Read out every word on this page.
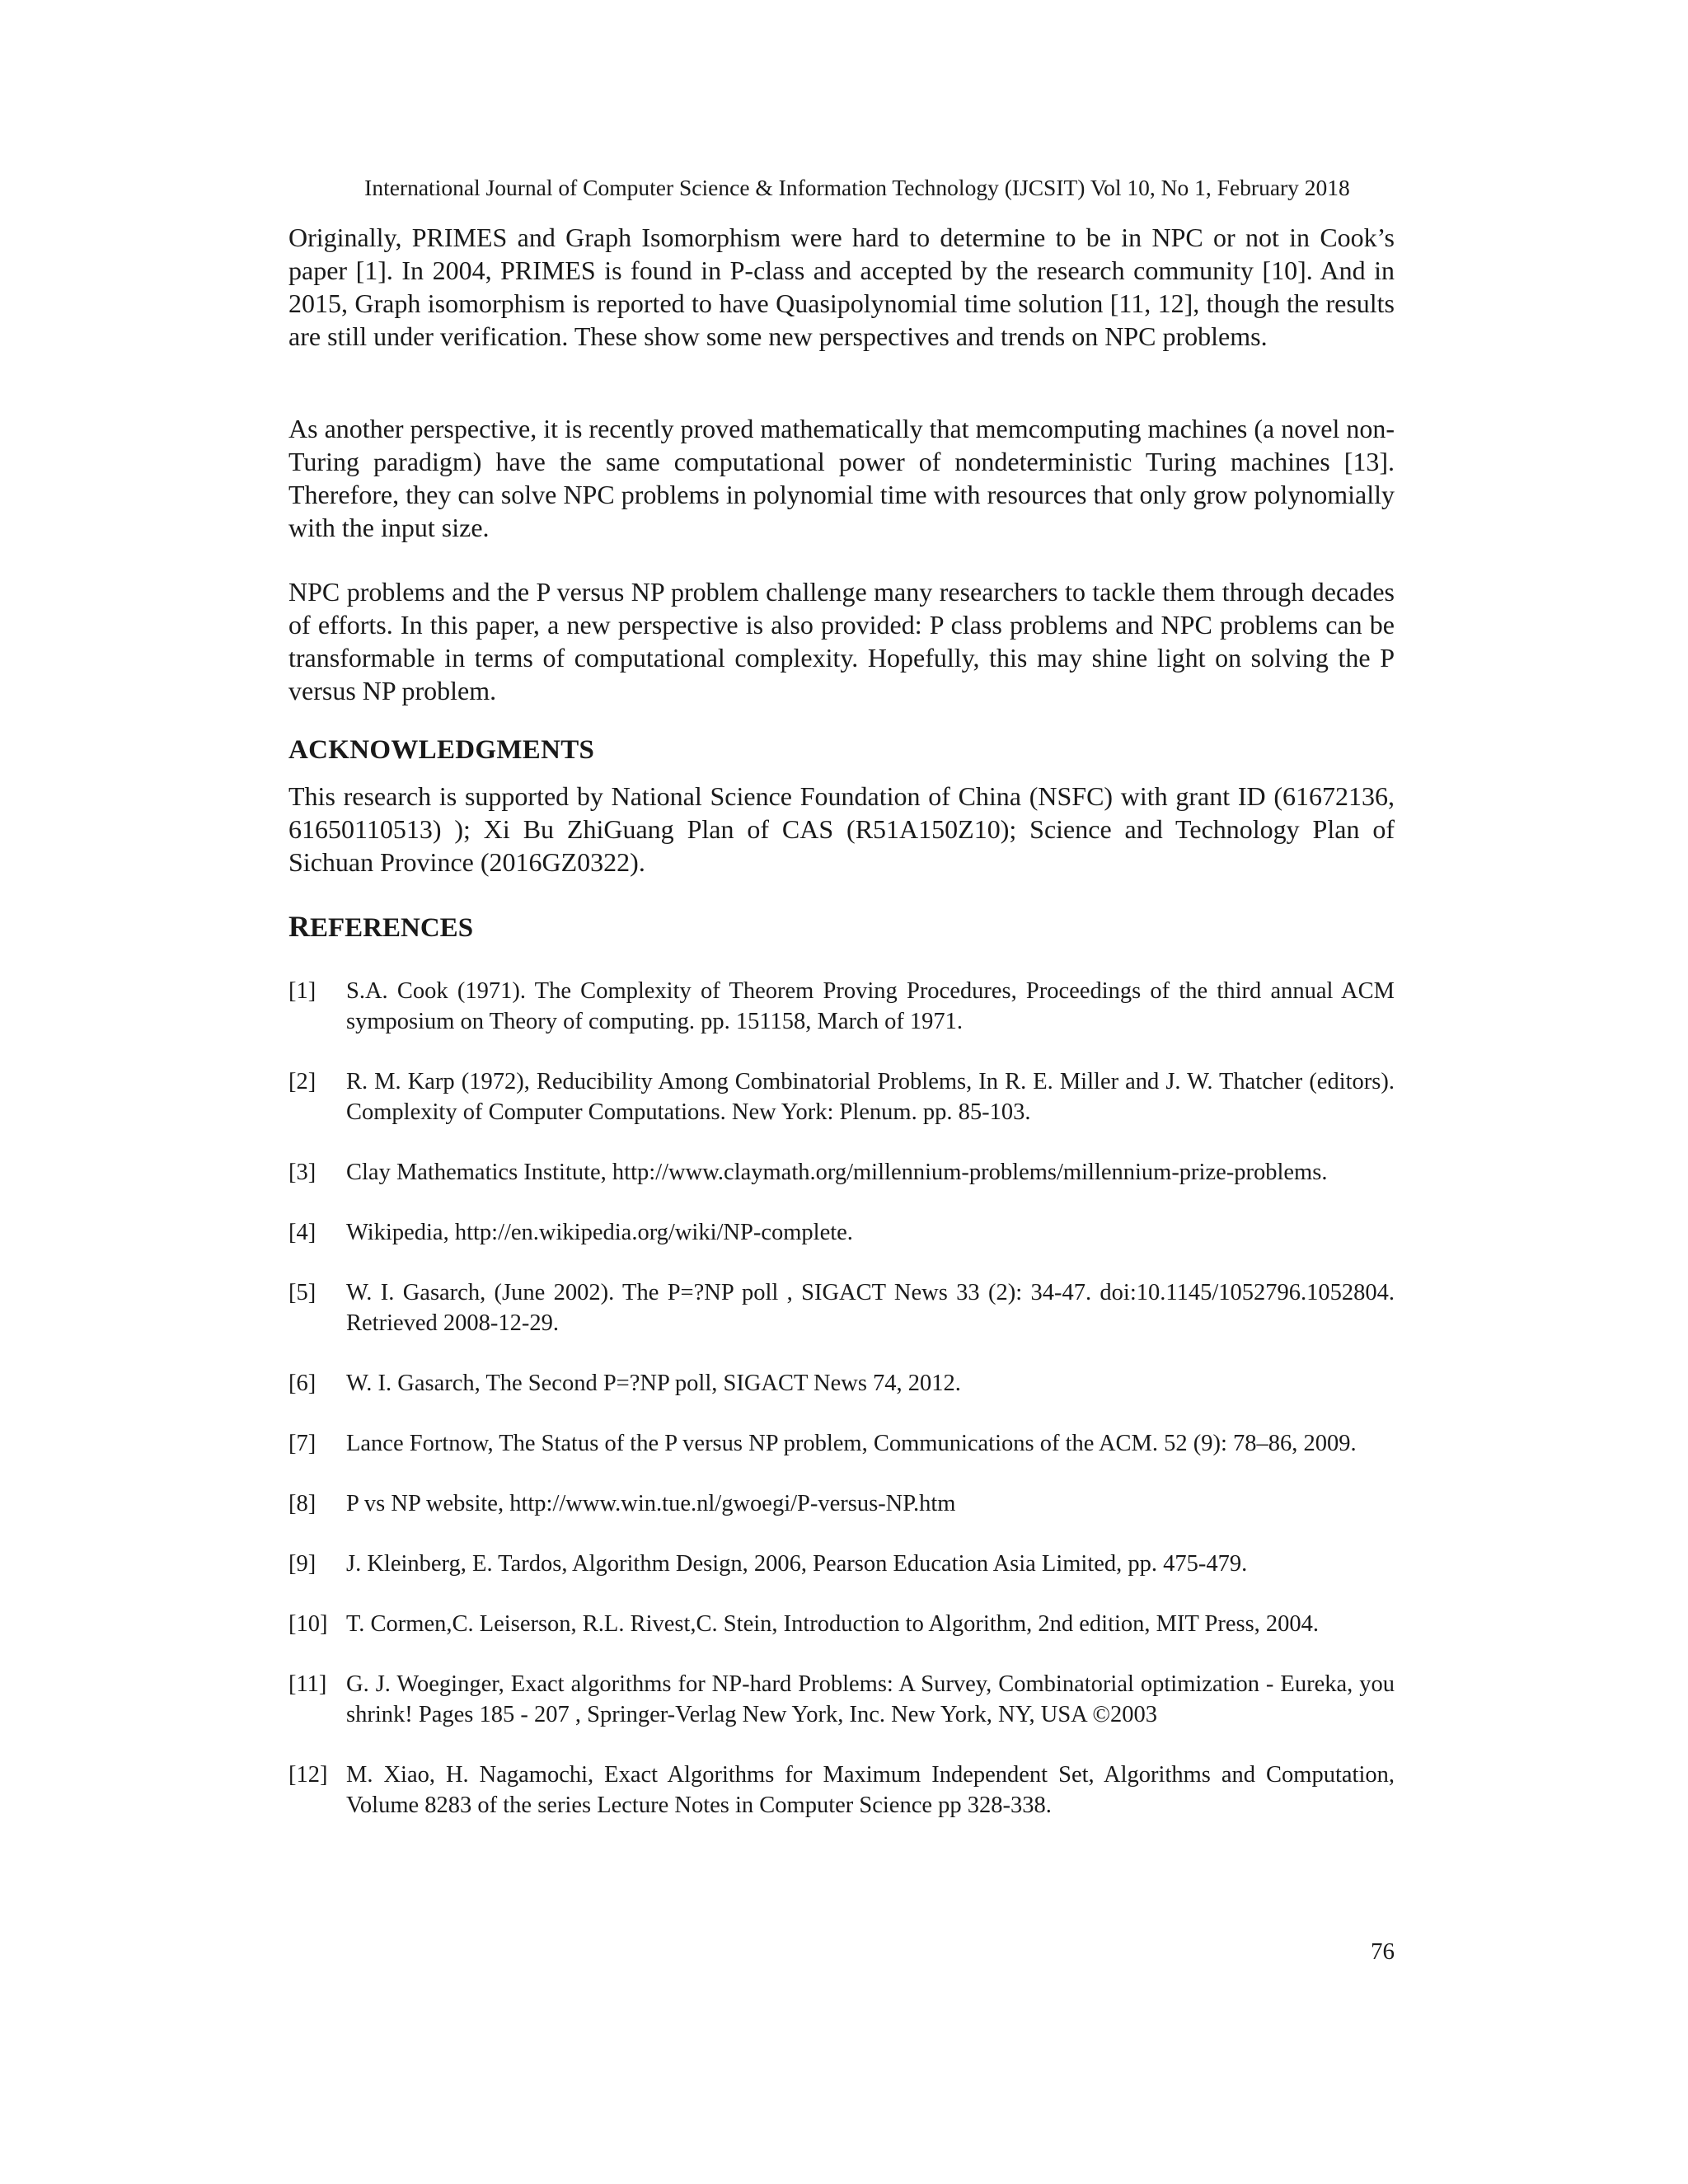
International Journal of Computer Science & Information Technology (IJCSIT) Vol 10, No 1, February 2018

Originally, PRIMES and Graph Isomorphism were hard to determine to be in NPC or not in Cook’s paper [1]. In 2004, PRIMES is found in P-class and accepted by the research community [10]. And in 2015, Graph isomorphism is reported to have Quasipolynomial time solution [11, 12], though the results are still under verification. These show some new perspectives and trends on NPC problems.

As another perspective, it is recently proved mathematically that memcomputing machines (a novel non-Turing paradigm) have the same computational power of nondeterministic Turing machines [13]. Therefore, they can solve NPC problems in polynomial time with resources that only grow polynomially with the input size.

NPC problems and the P versus NP problem challenge many researchers to tackle them through decades of efforts. In this paper, a new perspective is also provided: P class problems and NPC problems can be transformable in terms of computational complexity. Hopefully, this may shine light on solving the P versus NP problem.

ACKNOWLEDGMENTS

This research is supported by National Science Foundation of China (NSFC) with grant ID (61672136, 61650110513) ); Xi Bu ZhiGuang Plan of CAS (R51A150Z10); Science and Technology Plan of Sichuan Province (2016GZ0322).

REFERENCES
[1]	S.A. Cook (1971). The Complexity of Theorem Proving Procedures, Proceedings of the third annual ACM symposium on Theory of computing. pp. 151158, March of 1971.
[2]	R. M. Karp (1972), Reducibility Among Combinatorial Problems, In R. E. Miller and J. W. Thatcher (editors). Complexity of Computer Computations. New York: Plenum. pp. 85-103.
[3]	Clay Mathematics Institute, http://www.claymath.org/millennium-problems/millennium-prize-problems.
[4]	Wikipedia, http://en.wikipedia.org/wiki/NP-complete.
[5]	W. I. Gasarch, (June 2002). The P=?NP poll , SIGACT News 33 (2): 34-47. doi:10.1145/1052796.1052804. Retrieved 2008-12-29.
[6]	W. I. Gasarch, The Second P=?NP poll, SIGACT News 74, 2012.
[7]	Lance Fortnow, The Status of the P versus NP problem, Communications of the ACM. 52 (9): 78–86, 2009.
[8]	P vs NP website, http://www.win.tue.nl/gwoegi/P-versus-NP.htm
[9]	J. Kleinberg, E. Tardos, Algorithm Design, 2006, Pearson Education Asia Limited, pp. 475-479.
[10] T. Cormen,C. Leiserson, R.L. Rivest,C. Stein, Introduction to Algorithm, 2nd edition, MIT Press, 2004.
[11] G. J. Woeginger, Exact algorithms for NP-hard Problems: A Survey, Combinatorial optimization - Eureka, you shrink! Pages 185 - 207 , Springer-Verlag New York, Inc. New York, NY, USA ©2003
[12] M. Xiao, H. Nagamochi, Exact Algorithms for Maximum Independent Set, Algorithms and Computation, Volume 8283 of the series Lecture Notes in Computer Science pp 328-338.
76
